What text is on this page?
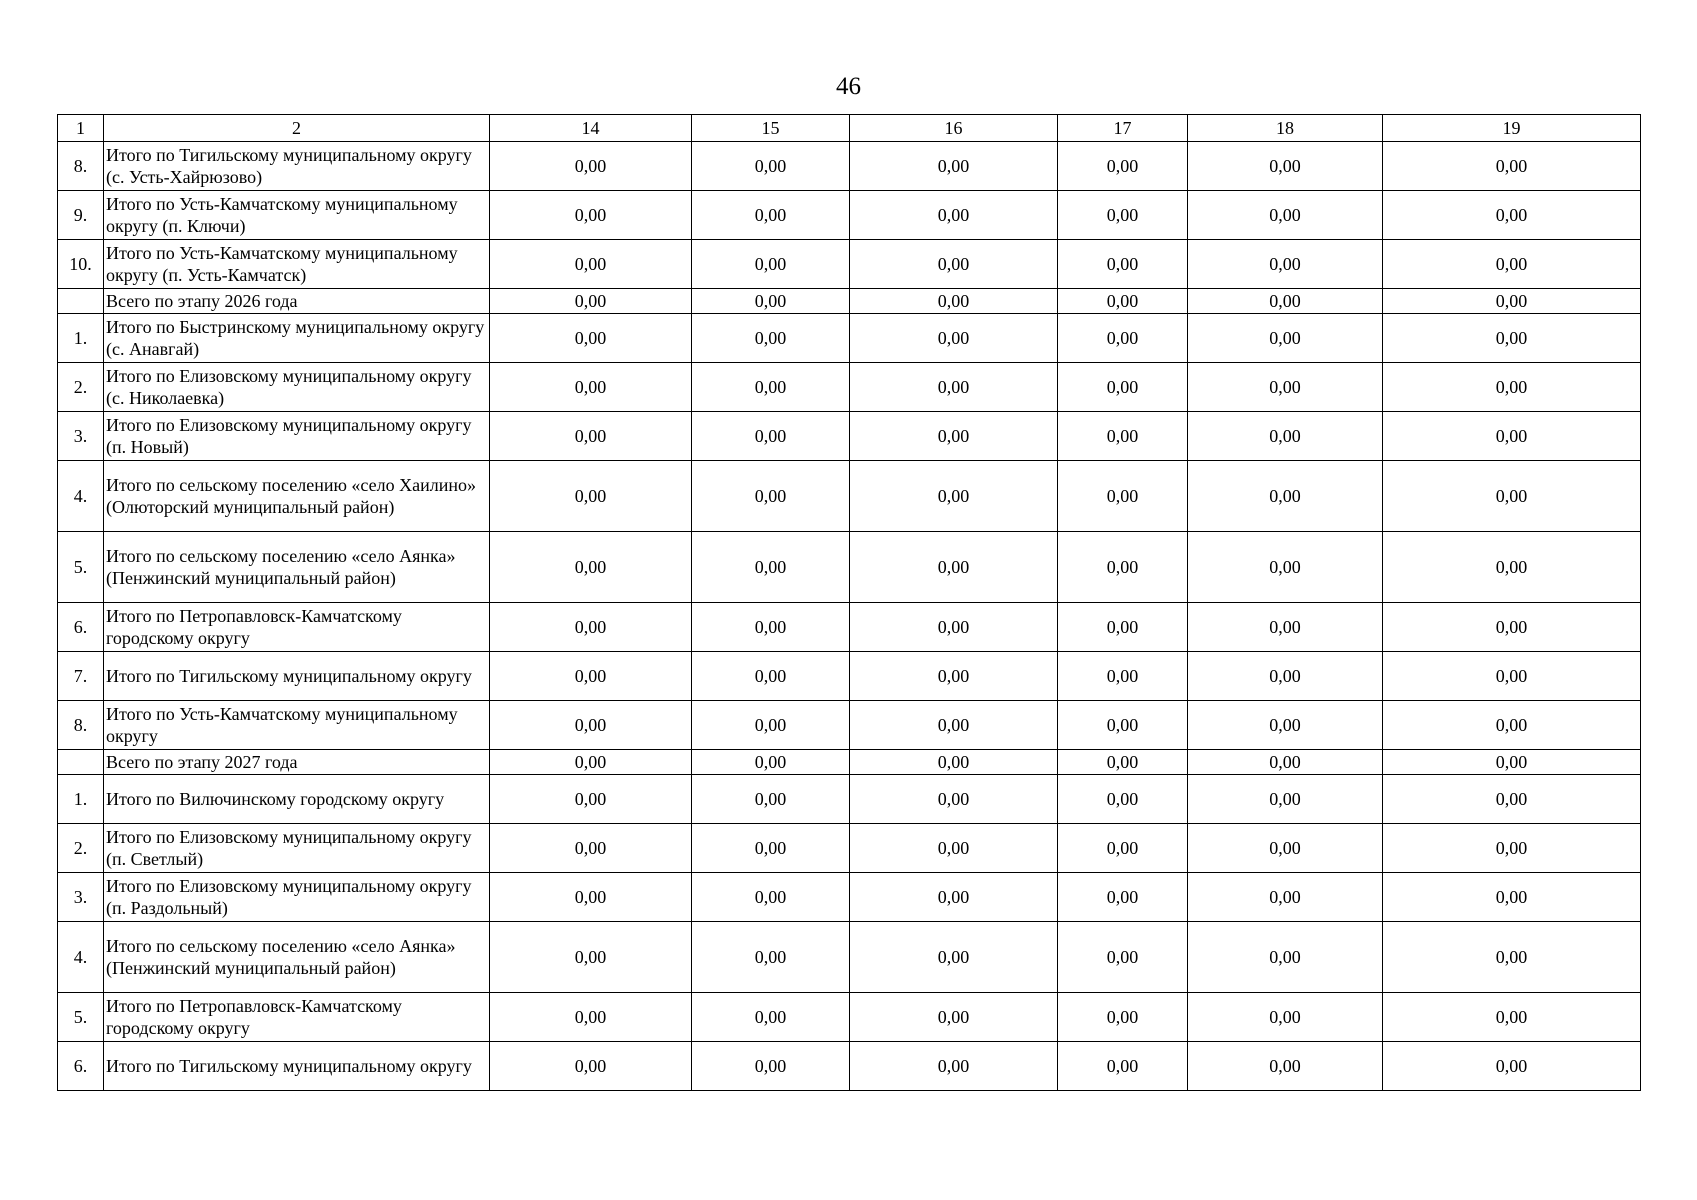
46
1	2	14	15	16	17	18	19
8.	Итого по Тигильскому муниципальному округу (с. Усть-Хайрюзово)	0,00	0,00	0,00	0,00	0,00	0,00
9.	Итого по Усть-Камчатскому муниципальному округу (п. Ключи)	0,00	0,00	0,00	0,00	0,00	0,00
10.	Итого по Усть-Камчатскому муниципальному округу (п. Усть-Камчатск)	0,00	0,00	0,00	0,00	0,00	0,00
	Всего по этапу 2026 года	0,00	0,00	0,00	0,00	0,00	0,00
1.	Итого по Быстринскому муниципальному округу (с. Анавгай)	0,00	0,00	0,00	0,00	0,00	0,00
2.	Итого по Елизовскому муниципальному округу (с. Николаевка)	0,00	0,00	0,00	0,00	0,00	0,00
3.	Итого по Елизовскому муниципальному округу (п. Новый)	0,00	0,00	0,00	0,00	0,00	0,00
4.	Итого по сельскому поселению «село Хаилино» (Олюторский муниципальный район)	0,00	0,00	0,00	0,00	0,00	0,00
5.	Итого по сельскому поселению «село Аянка» (Пенжинский муниципальный район)	0,00	0,00	0,00	0,00	0,00	0,00
6.	Итого по Петропавловск-Камчатскому городскому округу	0,00	0,00	0,00	0,00	0,00	0,00
7.	Итого по Тигильскому муниципальному округу	0,00	0,00	0,00	0,00	0,00	0,00
8.	Итого по Усть-Камчатскому муниципальному округу	0,00	0,00	0,00	0,00	0,00	0,00
	Всего по этапу 2027 года	0,00	0,00	0,00	0,00	0,00	0,00
1.	Итого по Вилючинскому городскому округу	0,00	0,00	0,00	0,00	0,00	0,00
2.	Итого по Елизовскому муниципальному округу (п. Светлый)	0,00	0,00	0,00	0,00	0,00	0,00
3.	Итого по Елизовскому муниципальному округу (п. Раздольный)	0,00	0,00	0,00	0,00	0,00	0,00
4.	Итого по сельскому поселению «село Аянка» (Пенжинский муниципальный район)	0,00	0,00	0,00	0,00	0,00	0,00
5.	Итого по Петропавловск-Камчатскому городскому округу	0,00	0,00	0,00	0,00	0,00	0,00
6.	Итого по Тигильскому муниципальному округу	0,00	0,00	0,00	0,00	0,00	0,00
